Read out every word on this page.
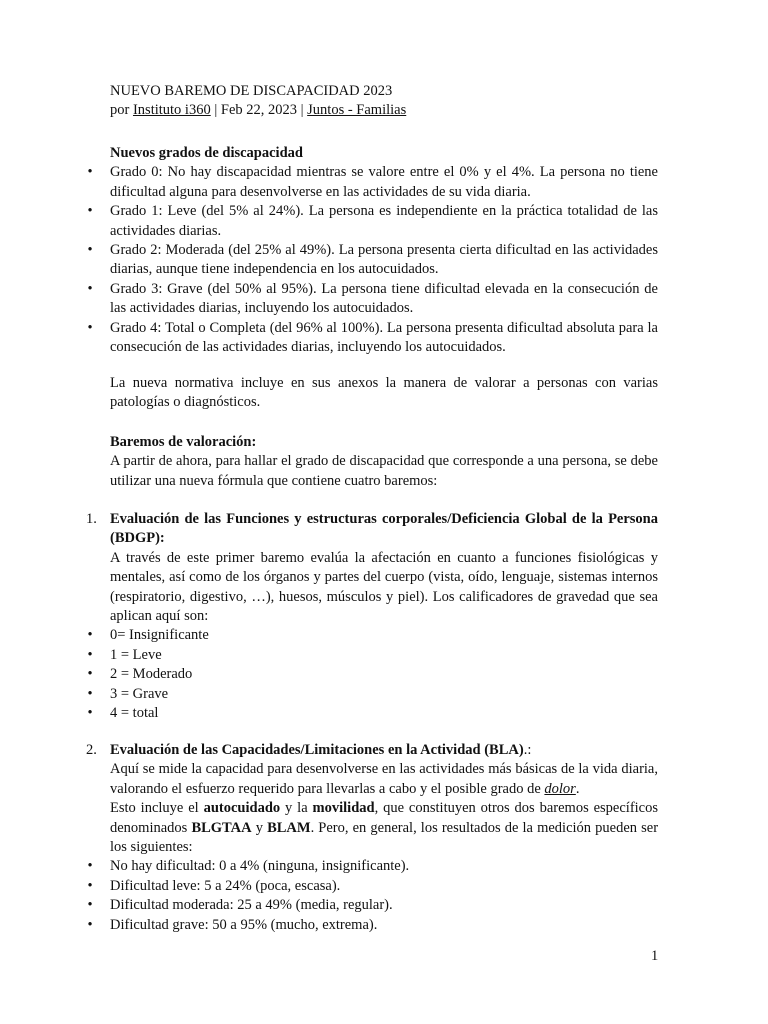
NUEVO BAREMO DE DISCAPACIDAD 2023
por Instituto i360 | Feb 22, 2023 | Juntos - Familias
Nuevos grados de discapacidad
• Grado 0: No hay discapacidad mientras se valore entre el 0% y el 4%. La persona no tiene dificultad alguna para desenvolverse en las actividades de su vida diaria.
• Grado 1: Leve (del 5% al 24%). La persona es independiente en la práctica totalidad de las actividades diarias.
• Grado 2: Moderada (del 25% al 49%). La persona presenta cierta dificultad en las actividades diarias, aunque tiene independencia en los autocuidados.
• Grado 3: Grave (del 50% al 95%). La persona tiene dificultad elevada en la consecución de las actividades diarias, incluyendo los autocuidados.
• Grado 4: Total o Completa (del 96% al 100%). La persona presenta dificultad absoluta para la consecución de las actividades diarias, incluyendo los autocuidados.
La nueva normativa incluye en sus anexos la manera de valorar a personas con varias patologías o diagnósticos.
Baremos de valoración:
A partir de ahora, para hallar el grado de discapacidad que corresponde a una persona, se debe utilizar una nueva fórmula que contiene cuatro baremos:
1. Evaluación de las Funciones y estructuras corporales/Deficiencia Global de la Persona (BDGP):
A través de este primer baremo evalúa la afectación en cuanto a funciones fisiológicas y mentales, así como de los órganos y partes del cuerpo (vista, oído, lenguaje, sistemas internos (respiratorio, digestivo, …), huesos, músculos y piel). Los calificadores de gravedad que sea aplican aquí son:
• 0= Insignificante
• 1 = Leve
• 2 = Moderado
• 3 = Grave
• 4 = total
2. Evaluación de las Capacidades/Limitaciones en la Actividad (BLA).:
Aquí se mide la capacidad para desenvolverse en las actividades más básicas de la vida diaria, valorando el esfuerzo requerido para llevarlas a cabo y el posible grado de dolor.
Esto incluye el autocuidado y la movilidad, que constituyen otros dos baremos específicos denominados BLGTAA y BLAM. Pero, en general, los resultados de la medición pueden ser los siguientes:
• No hay dificultad: 0 a 4% (ninguna, insignificante).
• Dificultad leve: 5 a 24% (poca, escasa).
• Dificultad moderada: 25 a 49% (media, regular).
• Dificultad grave: 50 a 95% (mucho, extrema).
1
